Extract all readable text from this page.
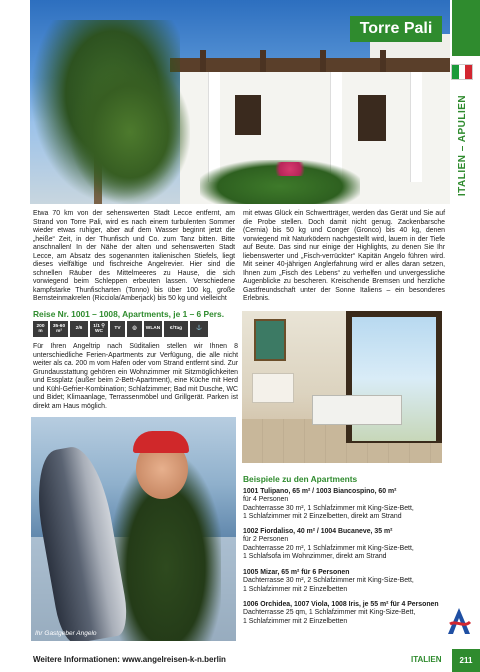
Torre Pali
ITALIEN – APULIEN
Etwa 70 km von der sehenswerten Stadt Lecce entfernt, am Strand von Torre Pali, wird es nach einem turbulenten Sommer wieder etwas ruhiger, aber auf dem Wasser beginnt jetzt die „heiße“ Zeit, in der Thunfisch und Co. zum Tanz bitten. Bitte anschnallen! In der Nähe der alten und sehenswerten Stadt Lecce, am Absatz des sogenannten italienischen Stiefels, liegt dieses vielfältige und fischreiche Angelrevier. Hier sind die schnellen Räuber des Mittelmeeres zu Hause, die sich vorwiegend beim Schleppen erbeuten lassen. Verschiedene kampfstarke Thunfischarten (Tonno) bis über 100 kg, große Bernsteinmakrelen (Ricciola/Amberjack) bis 50 kg und vielleicht
mit etwas Glück ein Schwertträger, werden das Gerät und Sie auf die Probe stellen. Doch damit nicht genug. Zackenbarsche (Cernia) bis 50 kg und Conger (Gronco) bis 40 kg, denen vorwiegend mit Naturködern nachgestellt wird, lauern in der Tiefe auf Beute. Das sind nur einige der Highlights, zu denen Sie Ihr liebenswerter und „Fisch-verrückter“ Kapitän Angelo führen wird. Mit seiner 40-jährigen Anglerfahrung wird er alles daran setzen, Ihnen zum „Fisch des Lebens“ zu verhelfen und unvergessliche Augenblicke zu bescheren. Kreischende Bremsen und herzliche Gastfreundschaft unter der Sonne Italiens – ein besonderes Erlebnis.
Reise Nr. 1001 – 1008, Apartments, je 1 – 6 Pers.
200 m
35-60 m²
2/6
1/1 ⚲ WC
TV	◎	WLAN	€/Tag	⚓
Für Ihren Angeltrip nach Süditalien stellen wir Ihnen 8 unterschiedliche Ferien-Apartments zur Verfügung, die alle nicht weiter als ca. 200 m vom Hafen oder vom Strand entfernt sind. Zur Grundausstattung gehören ein Wohnzimmer mit Sitzmöglichkeiten und Essplatz (außer beim 2-Bett-Apartment), eine Küche mit Herd und Kühl-Gefrier-Kombination; Schlafzimmer; Bad mit Dusche, WC und Bidet; Klimaanlage, Terrassenmöbel und Grillgerät. Parken ist direkt am Haus möglich.
Ihr Gastgeber Angelo
Beispiele zu den Apartments
1001 Tulipano, 65 m² / 1003 Biancospino, 60 m²
für 4 Personen
Dachterrasse 30 m², 1 Schlafzimmer mit King-Size-Bett,
1 Schlafzimmer mit 2 Einzelbetten, direkt am Strand
1002 Fiordaliso, 40 m² / 1004 Bucaneve, 35 m²
für 2 Personen
Dachterrasse 20 m², 1 Schlafzimmer mit King-Size-Bett,
1 Schlafsofa im Wohnzimmer, direkt am Strand
1005 Mizar, 65 m² für 6 Personen
Dachterrasse 30 m², 2 Schlafzimmer mit King-Size-Bett,
1 Schlafzimmer mit 2 Einzelbetten
1006 Orchidea, 1007 Viola, 1008 Iris, je 55 m² für 4 Personen
Dachterrasse 25 qm, 1 Schlafzimmer mit King-Size-Bett,
1 Schlafzimmer mit 2 Einzelbetten
Weitere Informationen: www.angelreisen-k-n.berlin	ITALIEN	211
